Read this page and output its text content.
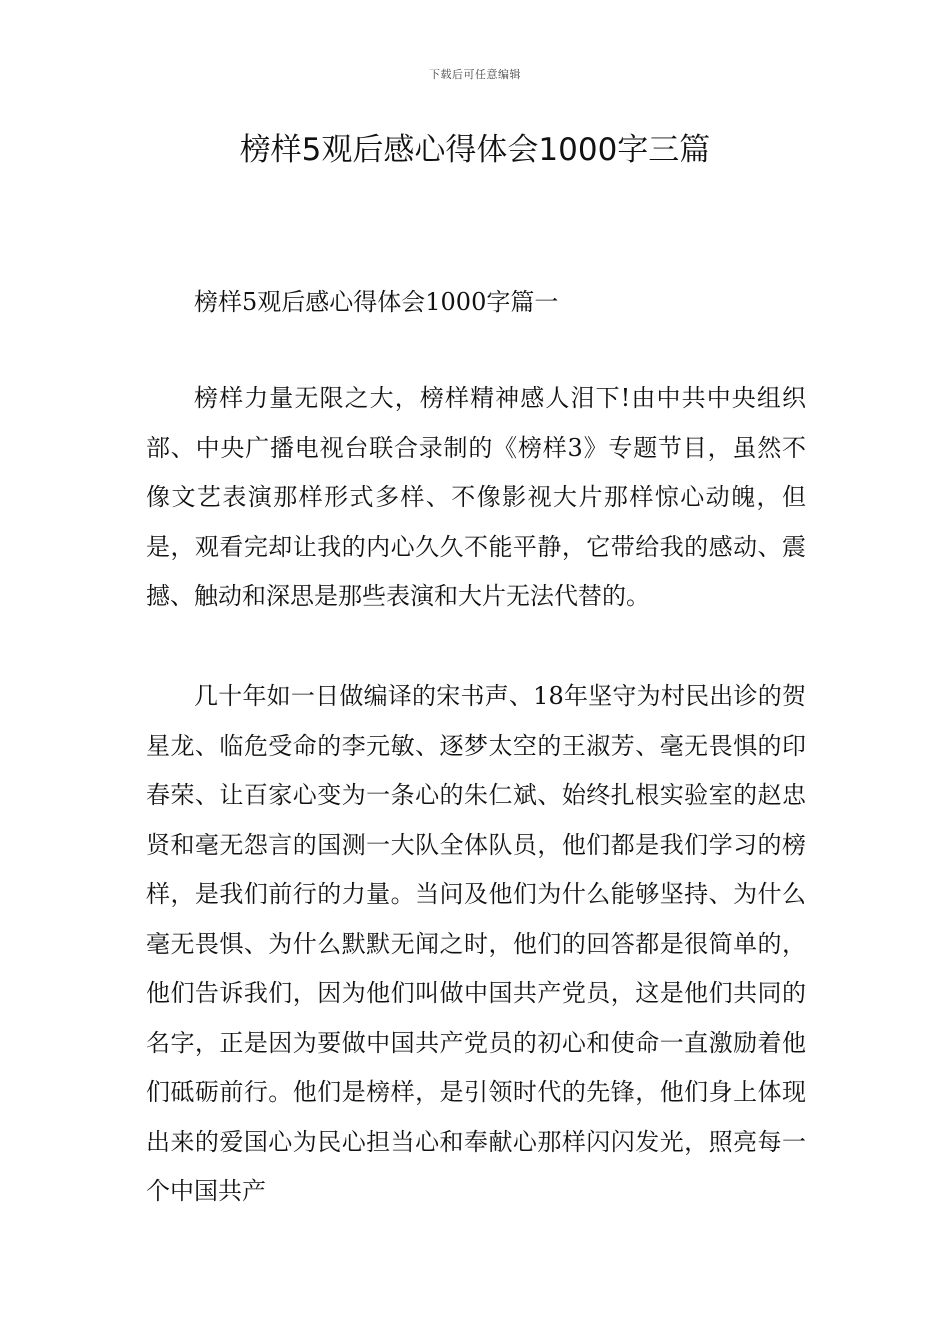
下载后可任意编辑
榜样5观后感心得体会1000字三篇

榜样5观后感心得体会1000字篇一

榜样力量无限之大，榜样精神感人泪下!由中共中央组织部、中央广播电视台联合录制的《榜样3》专题节目，虽然不像文艺表演那样形式多样、不像影视大片那样惊心动魄，但是，观看完却让我的内心久久不能平静，它带给我的感动、震撼、触动和深思是那些表演和大片无法代替的。

几十年如一日做编译的宋书声、18年坚守为村民出诊的贺星龙、临危受命的李元敏、逐梦太空的王淑芳、毫无畏惧的印春荣、让百家心变为一条心的朱仁斌、始终扎根实验室的赵忠贤和毫无怨言的国测一大队全体队员，他们都是我们学习的榜样，是我们前行的力量。当问及他们为什么能够坚持、为什么毫无畏惧、为什么默默无闻之时，他们的回答都是很简单的，他们告诉我们，因为他们叫做中国共产党员，这是他们共同的名字，正是因为要做中国共产党员的初心和使命一直激励着他们砥砺前行。他们是榜样，是引领时代的先锋，他们身上体现出来的爱国心为民心担当心和奉献心那样闪闪发光，照亮每一个中国共产
